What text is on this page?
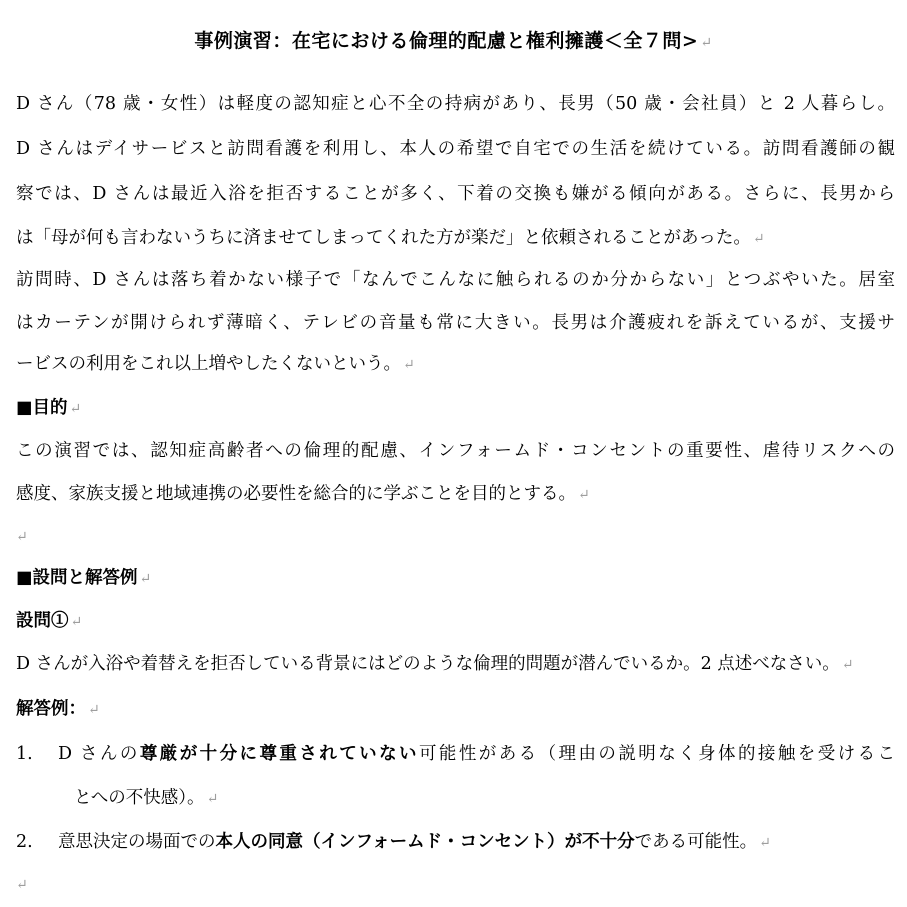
事例演習：在宅における倫理的配慮と権利擁護＜全７問> ↵
D さん（78 歳・女性）は軽度の認知症と心不全の持病があり、長男（50 歳・会社員）と 2 人暮らし。
D さんはデイサービスと訪問看護を利用し、本人の希望で自宅での生活を続けている。訪問看護師の観
察では、D さんは最近入浴を拒否することが多く、下着の交換も嫌がる傾向がある。さらに、長男から
は「母が何も言わないうちに済ませてしまってくれた方が楽だ」と依頼されることがあった。 ↵
訪問時、D さんは落ち着かない様子で「なんでこんなに触られるのか分からない」とつぶやいた。居室
はカーテンが開けられず薄暗く、テレビの音量も常に大きい。長男は介護疲れを訴えているが、支援サ
ービスの利用をこれ以上増やしたくないという。 ↵
■目的 ↵
この演習では、認知症高齢者への倫理的配慮、インフォームド・コンセントの重要性、虐待リスクへの
感度、家族支援と地域連携の必要性を総合的に学ぶことを目的とする。 ↵
↵
■設問と解答例 ↵
設問① ↵
D さんが入浴や着替えを拒否している背景にはどのような倫理的問題が潜んでいるか。2 点述べなさい。 ↵
解答例： ↵
1. D さんの尊厳が十分に尊重されていない可能性がある（理由の説明なく身体的接触を受けるこ
とへの不快感）。 ↵
2. 意思決定の場面での本人の同意（インフォームド・コンセント）が不十分である可能性。 ↵
↵
